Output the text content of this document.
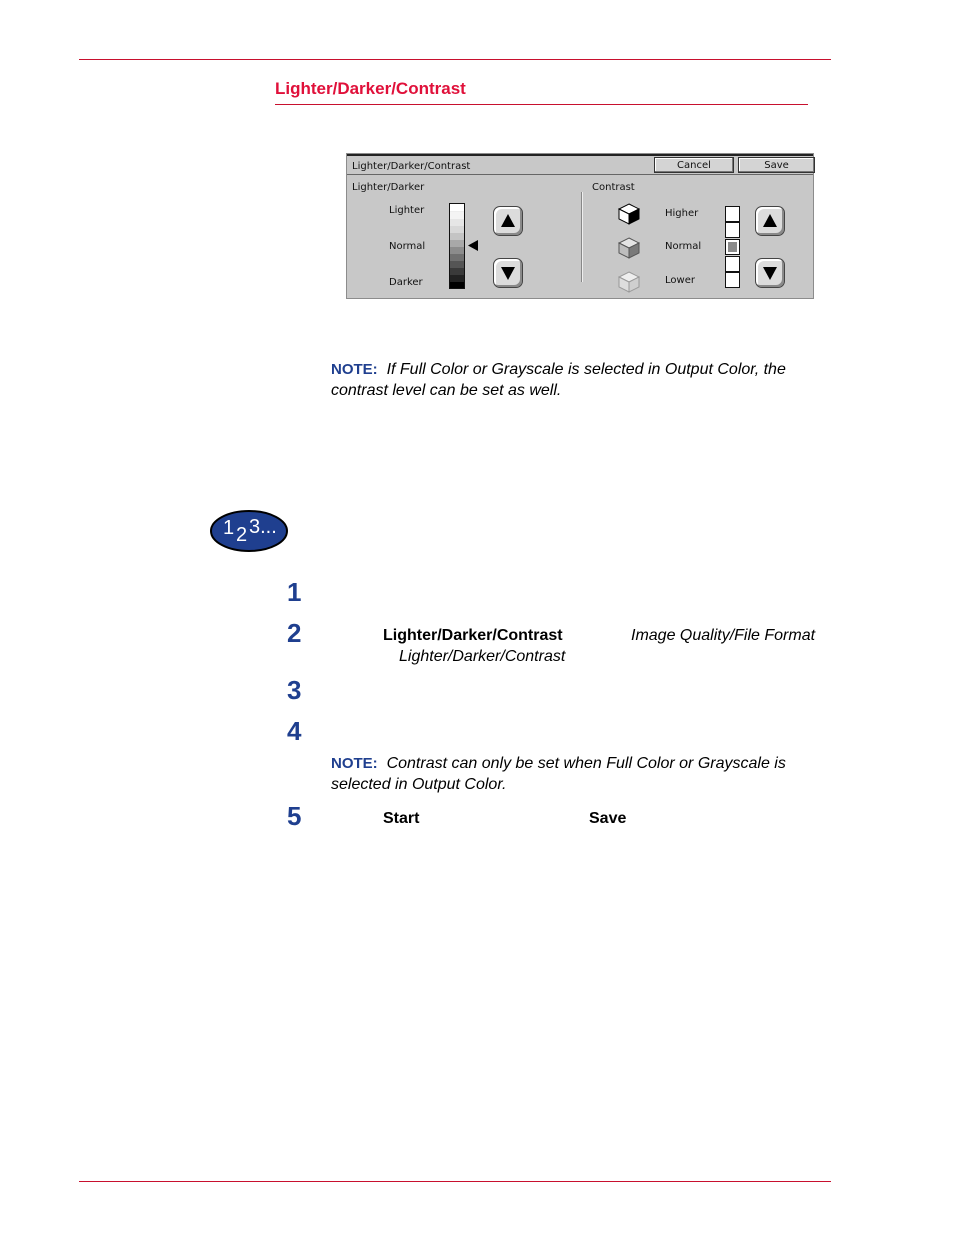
Lighter/Darker/Contrast
Lighter/Darker/Contrast	Cancel	Save
Lighter/Darker
Lighter
Normal
Darker
Contrast
Higher
Normal
Lower
NOTE: If Full Color or Grayscale is selected in Output Color, the
contrast level can be set as well.
1 2 3...
1
2	Lighter/Darker/Contrast	Image Quality/File Format
Lighter/Darker/Contrast
3
4
NOTE: Contrast can only be set when Full Color or Grayscale is
selected in Output Color.
5	Start	Save
